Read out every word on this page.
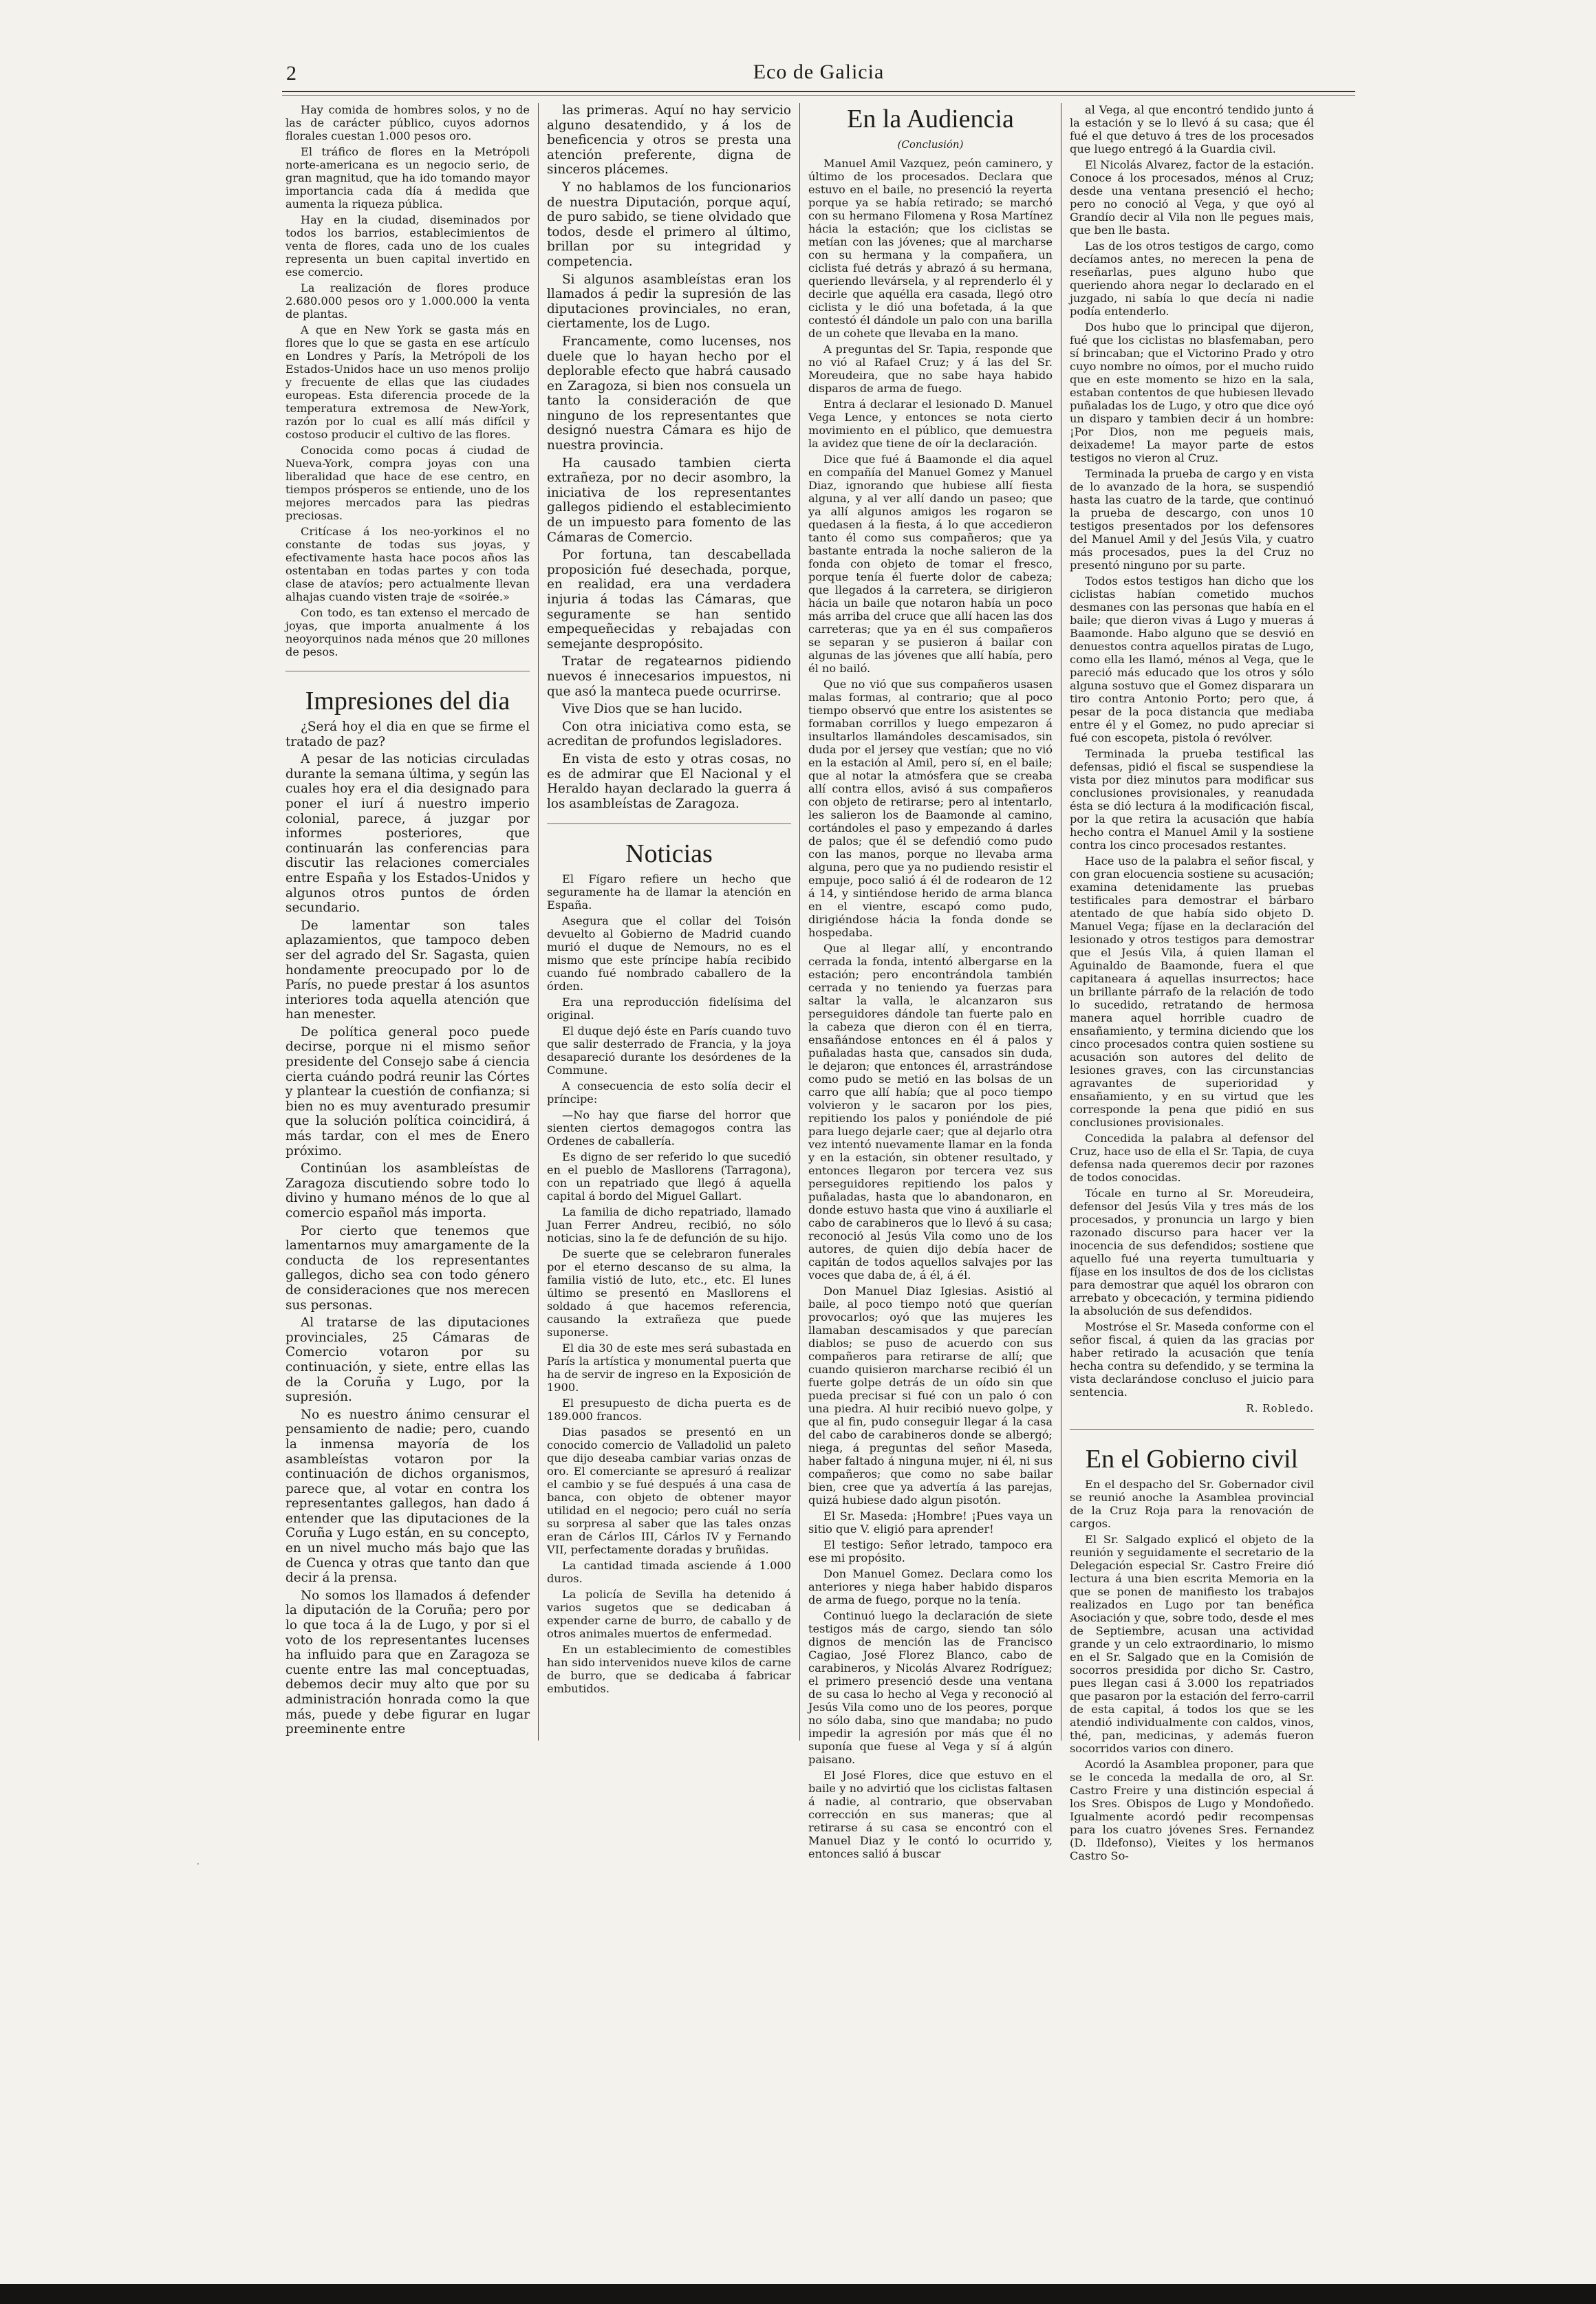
2	Eco de Galicia

Hay comida de hombres solos, y no de las de carácter público, cuyos adornos florales cuestan 1.000 pesos oro.

El tráfico de flores en la Metrópoli norte-americana es un negocio serio, de gran magnitud, que ha ido tomando mayor importancia cada día á medida que aumenta la riqueza pública.

Hay en la ciudad, diseminados por todos los barrios, establecimientos de venta de flores, cada uno de los cuales representa un buen capital invertido en ese comercio.

La realización de flores produce 2.680.000 pesos oro y 1.000.000 la venta de plantas.

A que en New York se gasta más en flores que lo que se gasta en ese artículo en Londres y París, la Metrópoli de los Estados-Unidos hace un uso menos prolijo y frecuente de ellas que las ciudades europeas. Esta diferencia procede de la temperatura extremosa de New-York, razón por lo cual es allí más difícil y costoso producir el cultivo de las flores.

Conocida como pocas á ciudad de Nueva-York, compra joyas con una liberalidad que hace de ese centro, en tiempos prósperos se entiende, uno de los mejores mercados para las piedras preciosas.

Critícase á los neo-yorkinos el no constante de todas sus joyas, y efectivamente hasta hace pocos años las ostentaban en todas partes y con toda clase de atavíos; pero actualmente llevan alhajas cuando visten traje de «soirée.»

Con todo, es tan extenso el mercado de joyas, que importa anualmente á los neoyorquinos nada ménos que 20 millones de pesos.

Impresiones del dia

¿Será hoy el dia en que se firme el tratado de paz?

A pesar de las noticias circuladas durante la semana última, y según las cuales hoy era el dia designado para poner el iurí á nuestro imperio colonial, parece, á juzgar por informes posteriores, que continuarán las conferencias para discutir las relaciones comerciales entre España y los Estados-Unidos y algunos otros puntos de órden secundario.

De lamentar son tales aplazamientos, que tampoco deben ser del agrado del Sr. Sagasta, quien hondamente preocupado por lo de París, no puede prestar á los asuntos interiores toda aquella atención que han menester.

De política general poco puede decirse, porque ni el mismo señor presidente del Consejo sabe á ciencia cierta cuándo podrá reunir las Córtes y plantear la cuestión de confianza; si bien no es muy aventurado presumir que la solución política coincidirá, á más tardar, con el mes de Enero próximo.

Continúan los asambleístas de Zaragoza discutiendo sobre todo lo divino y humano ménos de lo que al comercio español más importa.

Por cierto que tenemos que lamentarnos muy amargamente de la conducta de los representantes gallegos, dicho sea con todo género de consideraciones que nos merecen sus personas.

Al tratarse de las diputaciones provinciales, 25 Cámaras de Comercio votaron por su continuación, y siete, entre ellas las de la Coruña y Lugo, por la supresión.

No es nuestro ánimo censurar el pensamiento de nadie; pero, cuando la inmensa mayoría de los asambleístas votaron por la continuación de dichos organismos, parece que, al votar en contra los representantes gallegos, han dado á entender que las diputaciones de la Coruña y Lugo están, en su concepto, en un nivel mucho más bajo que las de Cuenca y otras que tanto dan que decir á la prensa.

No somos los llamados á defender la diputación de la Coruña; pero por lo que toca á la de Lugo, y por si el voto de los representantes lucenses ha influido para que en Zaragoza se cuente entre las mal conceptuadas, debemos decir muy alto que por su administración honrada como la que más, puede y debe figurar en lugar preeminente entre

las primeras. Aquí no hay servicio alguno desatendido, y á los de beneficencia y otros se presta una atención preferente, digna de sinceros plácemes.

Y no hablamos de los funcionarios de nuestra Diputación, porque aquí, de puro sabido, se tiene olvidado que todos, desde el primero al último, brillan por su integridad y competencia.

Si algunos asambleístas eran los llamados á pedir la supresión de las diputaciones provinciales, no eran, ciertamente, los de Lugo.

Francamente, como lucenses, nos duele que lo hayan hecho por el deplorable efecto que habrá causado en Zaragoza, si bien nos consuela un tanto la consideración de que ninguno de los representantes que designó nuestra Cámara es hijo de nuestra provincia.

Ha causado tambien cierta extrañeza, por no decir asombro, la iniciativa de los representantes gallegos pidiendo el establecimiento de un impuesto para fomento de las Cámaras de Comercio.

Por fortuna, tan descabellada proposición fué desechada, porque, en realidad, era una verdadera injuria á todas las Cámaras, que seguramente se han sentido empequeñecidas y rebajadas con semejante despropósito.

Tratar de regatearnos pidiendo nuevos é innecesarios impuestos, ni que asó la manteca puede ocurrirse.

Vive Dios que se han lucido.

Con otra iniciativa como esta, se acreditan de profundos legisladores.

En vista de esto y otras cosas, no es de admirar que El Nacional y el Heraldo hayan declarado la guerra á los asambleístas de Zaragoza.

Noticias

El Fígaro refiere un hecho que seguramente ha de llamar la atención en España.

Asegura que el collar del Toisón devuelto al Gobierno de Madrid cuando murió el duque de Nemours, no es el mismo que este príncipe había recibido cuando fué nombrado caballero de la órden.

Era una reproducción fidelísima del original.

El duque dejó éste en París cuando tuvo que salir desterrado de Francia, y la joya desapareció durante los desórdenes de la Commune.

A consecuencia de esto solía decir el príncipe:

—No hay que fiarse del horror que sienten ciertos demagogos contra las Ordenes de caballería.

Es digno de ser referido lo que sucedió en el pueblo de Masllorens (Tarragona), con un repatriado que llegó á aquella capital á bordo del Miguel Gallart.

La familia de dicho repatriado, llamado Juan Ferrer Andreu, recibió, no sólo noticias, sino la fe de defunción de su hijo.

De suerte que se celebraron funerales por el eterno descanso de su alma, la familia vistió de luto, etc., etc. El lunes último se presentó en Masllorens el soldado á que hacemos referencia, causando la extrañeza que puede suponerse.

El dia 30 de este mes será subastada en París la artística y monumental puerta que ha de servir de ingreso en la Exposición de 1900.

El presupuesto de dicha puerta es de 189.000 francos.

Dias pasados se presentó en un conocido comercio de Valladolid un paleto que dijo deseaba cambiar varias onzas de oro. El comerciante se apresuró á realizar el cambio y se fué después á una casa de banca, con objeto de obtener mayor utilidad en el negocio; pero cuál no sería su sorpresa al saber que las tales onzas eran de Cárlos III, Cárlos IV y Fernando VII, perfectamente doradas y bruñidas.

La cantidad timada asciende á 1.000 duros.

La policía de Sevilla ha detenido á varios sugetos que se dedicaban á expender carne de burro, de caballo y de otros animales muertos de enfermedad.

En un establecimiento de comestibles han sido intervenidos nueve kilos de carne de burro, que se dedicaba á fabricar embutidos.

En la Audiencia
(Conclusión)

Manuel Amil Vazquez, peón caminero, y último de los procesados. Declara que estuvo en el baile, no presenció la reyerta porque ya se había retirado; se marchó con su hermano Filomena y Rosa Martínez hácia la estación; que los ciclistas se metían con las jóvenes; que al marcharse con su hermana y la compañera, un ciclista fué detrás y abrazó á su hermana, queriendo llevársela, y al reprenderlo él y decirle que aquélla era casada, llegó otro ciclista y le dió una bofetada, á la que contestó él dándole un palo con una barilla de un cohete que llevaba en la mano.

A preguntas del Sr. Tapia, responde que no vió al Rafael Cruz; y á las del Sr. Moreudeira, que no sabe haya habido disparos de arma de fuego.

Entra á declarar el lesionado D. Manuel Vega Lence, y entonces se nota cierto movimiento en el público, que demuestra la avidez que tiene de oír la declaración.

Dice que fué á Baamonde el dia aquel en compañía del Manuel Gomez y Manuel Diaz, ignorando que hubiese allí fiesta alguna, y al ver allí dando un paseo; que ya allí algunos amigos les rogaron se quedasen á la fiesta, á lo que accedieron tanto él como sus compañeros; que ya bastante entrada la noche salieron de la fonda con objeto de tomar el fresco, porque tenía él fuerte dolor de cabeza; que llegados á la carretera, se dirigieron hácia un baile que notaron había un poco más arriba del cruce que allí hacen las dos carreteras; que ya en él sus compañeros se separan y se pusieron á bailar con algunas de las jóvenes que allí había, pero él no bailó.

Que no vió que sus compañeros usasen malas formas, al contrario; que al poco tiempo observó que entre los asistentes se formaban corrillos y luego empezaron á insultarlos llamándoles descamisados, sin duda por el jersey que vestían; que no vió en la estación al Amil, pero sí, en el baile; que al notar la atmósfera que se creaba allí contra ellos, avisó á sus compañeros con objeto de retirarse; pero al intentarlo, les salieron los de Baamonde al camino, cortándoles el paso y empezando á darles de palos; que él se defendió como pudo con las manos, porque no llevaba arma alguna, pero que ya no pudiendo resistir el empuje, poco salió á él de rodearon de 12 á 14, y sintiéndose herido de arma blanca en el vientre, escapó como pudo, dirigiéndose hácia la fonda donde se hospedaba.

Que al llegar allí, y encontrando cerrada la fonda, intentó albergarse en la estación; pero encontrándola también cerrada y no teniendo ya fuerzas para saltar la valla, le alcanzaron sus perseguidores dándole tan fuerte palo en la cabeza que dieron con él en tierra, ensañándose entonces en él á palos y puñaladas hasta que, cansados sin duda, le dejaron; que entonces él, arrastrándose como pudo se metió en las bolsas de un carro que allí había; que al poco tiempo volvieron y le sacaron por los pies, repitiendo los palos y poniéndole de pié para luego dejarle caer; que al dejarlo otra vez intentó nuevamente llamar en la fonda y en la estación, sin obtener resultado, y entonces llegaron por tercera vez sus perseguidores repitiendo los palos y puñaladas, hasta que lo abandonaron, en donde estuvo hasta que vino á auxiliarle el cabo de carabineros que lo llevó á su casa; reconoció al Jesús Vila como uno de los autores, de quien dijo debía hacer de capitán de todos aquellos salvajes por las voces que daba de, á él, á él.

Don Manuel Diaz Iglesias. Asistió al baile, al poco tiempo notó que querían provocarlos; oyó que las mujeres les llamaban descamisados y que parecían diablos; se puso de acuerdo con sus compañeros para retirarse de allí; que cuando quisieron marcharse recibió él un fuerte golpe detrás de un oído sin que pueda precisar si fué con un palo ó con una piedra. Al huir recibió nuevo golpe, y que al fin, pudo conseguir llegar á la casa del cabo de carabineros donde se albergó; niega, á preguntas del señor Maseda, haber faltado á ninguna mujer, ni él, ni sus compañeros; que como no sabe bailar bien, cree que ya advertía á las parejas, quizá hubiese dado algun pisotón.

El Sr. Maseda: ¡Hombre! ¡Pues vaya un sitio que V. eligió para aprender!

El testigo: Señor letrado, tampoco era ese mi propósito.

Don Manuel Gomez. Declara como los anteriores y niega haber habido disparos de arma de fuego, porque no la tenía.

Continuó luego la declaración de siete testigos más de cargo, siendo tan sólo dignos de mención las de Francisco Cagiao, José Florez Blanco, cabo de carabineros, y Nicolás Alvarez Rodríguez; el primero presenció desde una ventana de su casa lo hecho al Vega y reconoció al Jesús Vila como uno de los peores, porque no sólo daba, sino que mandaba; no pudo impedir la agresión por más que él no suponía que fuese al Vega y sí á algún paisano.

El José Flores, dice que estuvo en el baile y no advirtió que los ciclistas faltasen á nadie, al contrario, que observaban corrección en sus maneras; que al retirarse á su casa se encontró con el Manuel Diaz y le contó lo ocurrido y, entonces salió á buscar

al Vega, al que encontró tendido junto á la estación y se lo llevó á su casa; que él fué el que detuvo á tres de los procesados que luego entregó á la Guardia civil.

El Nicolás Alvarez, factor de la estación. Conoce á los procesados, ménos al Cruz; desde una ventana presenció el hecho; pero no conoció al Vega, y que oyó al Grandío decir al Vila non lle pegues mais, que ben lle basta.

Las de los otros testigos de cargo, como decíamos antes, no merecen la pena de reseñarlas, pues alguno hubo que queriendo ahora negar lo declarado en el juzgado, ni sabía lo que decía ni nadie podía entenderlo.

Dos hubo que lo principal que dijeron, fué que los ciclistas no blasfemaban, pero sí brincaban; que el Victorino Prado y otro cuyo nombre no oímos, por el mucho ruido que en este momento se hizo en la sala, estaban contentos de que hubiesen llevado puñaladas los de Lugo, y otro que dice oyó un disparo y tambien decir á un hombre: ¡Por Dios, non me pegueis mais, deixademe! La mayor parte de estos testigos no vieron al Cruz.

Terminada la prueba de cargo y en vista de lo avanzado de la hora, se suspendió hasta las cuatro de la tarde, que continuó la prueba de descargo, con unos 10 testigos presentados por los defensores del Manuel Amil y del Jesús Vila, y cuatro más procesados, pues la del Cruz no presentó ninguno por su parte.

Todos estos testigos han dicho que los ciclistas habían cometido muchos desmanes con las personas que había en el baile; que dieron vivas á Lugo y mueras á Baamonde. Habo alguno que se desvió en denuestos contra aquellos piratas de Lugo, como ella les llamó, ménos al Vega, que le pareció más educado que los otros y sólo alguna sostuvo que el Gomez disparara un tiro contra Antonio Porto; pero que, á pesar de la poca distancia que mediaba entre él y el Gomez, no pudo apreciar si fué con escopeta, pistola ó revólver.

Terminada la prueba testifical las defensas, pidió el fiscal se suspendiese la vista por diez minutos para modificar sus conclusiones provisionales, y reanudada ésta se dió lectura á la modificación fiscal, por la que retira la acusación que había hecho contra el Manuel Amil y la sostiene contra los cinco procesados restantes.

Hace uso de la palabra el señor fiscal, y con gran elocuencia sostiene su acusación; examina detenidamente las pruebas testificales para demostrar el bárbaro atentado de que había sido objeto D. Manuel Vega; fíjase en la declaración del lesionado y otros testigos para demostrar que el Jesús Vila, á quien llaman el Aguinaldo de Baamonde, fuera el que capitaneara á aquellas insurrectos; hace un brillante párrafo de la relación de todo lo sucedido, retratando de hermosa manera aquel horrible cuadro de ensañamiento, y termina diciendo que los cinco procesados contra quien sostiene su acusación son autores del delito de lesiones graves, con las circunstancias agravantes de superioridad y ensañamiento, y en su virtud que les corresponde la pena que pidió en sus conclusiones provisionales.

Concedida la palabra al defensor del Cruz, hace uso de ella el Sr. Tapia, de cuya defensa nada queremos decir por razones de todos conocidas.

Tócale en turno al Sr. Moreudeira, defensor del Jesús Vila y tres más de los procesados, y pronuncia un largo y bien razonado discurso para hacer ver la inocencia de sus defendidos; sostiene que aquello fué una reyerta tumultuaria y fíjase en los insultos de dos de los ciclistas para demostrar que aquél los obraron con arrebato y obcecación, y termina pidiendo la absolución de sus defendidos.

Mostróse el Sr. Maseda conforme con el señor fiscal, á quien da las gracias por haber retirado la acusación que tenía hecha contra su defendido, y se termina la vista declarándose concluso el juicio para sentencia.

R. Robledo.
En el Gobierno civil

En el despacho del Sr. Gobernador civil se reunió anoche la Asamblea provincial de la Cruz Roja para la renovación de cargos.

El Sr. Salgado explicó el objeto de la reunión y seguidamente el secretario de la Delegación especial Sr. Castro Freire dió lectura á una bien escrita Memoria en la que se ponen de manifiesto los trabajos realizados en Lugo por tan benéfica Asociación y que, sobre todo, desde el mes de Septiembre, acusan una actividad grande y un celo extraordinario, lo mismo en el Sr. Salgado que en la Comisión de socorros presidida por dicho Sr. Castro, pues llegan casi á 3.000 los repatriados que pasaron por la estación del ferro-carril de esta capital, á todos los que se les atendió individualmente con caldos, vinos, thé, pan, medicinas, y además fueron socorridos varios con dinero.

Acordó la Asamblea proponer, para que se le conceda la medalla de oro, al Sr. Castro Freire y una distinción especial á los Sres. Obispos de Lugo y Mondoñedo. Igualmente acordó pedir recompensas para los cuatro jóvenes Sres. Fernandez (D. Ildefonso), Vieites y los hermanos Castro So-

⸱
